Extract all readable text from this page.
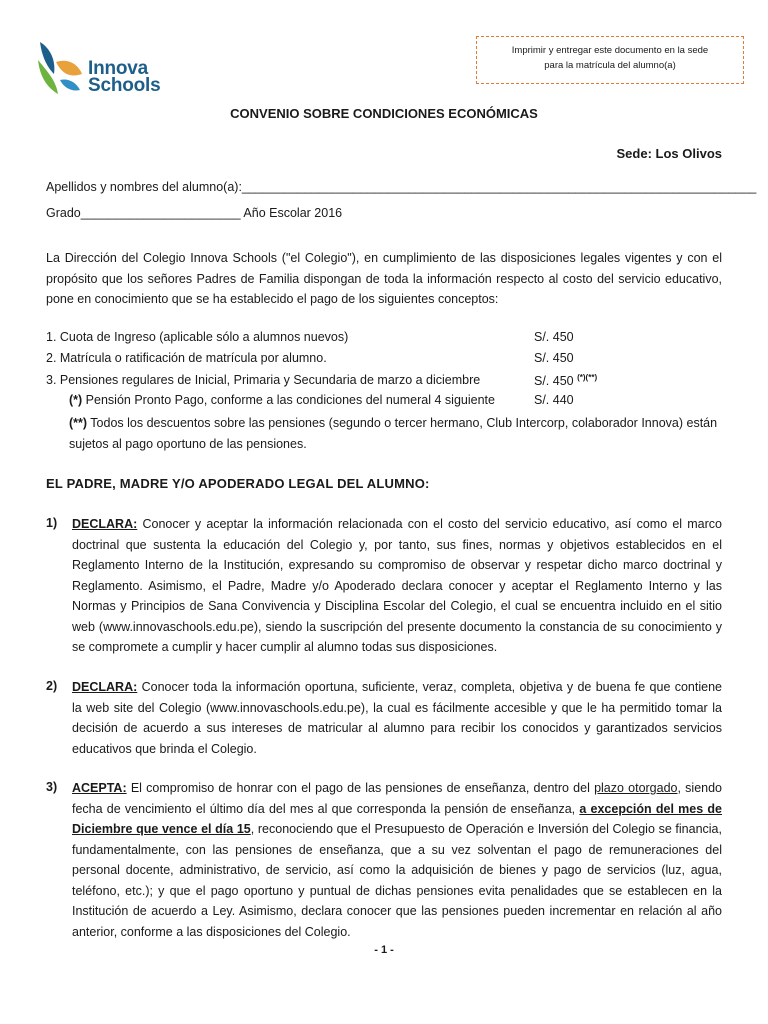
Innova
Schools
Imprimir y entregar este documento en la sede
para la matrícula del alumno(a)
CONVENIO SOBRE CONDICIONES ECONÓMICAS
Sede: Los Olivos
Apellidos y nombres del alumno(a):__________________________________________________________________________
Grado_______________________ Año Escolar 2016
La Dirección del Colegio Innova Schools ("el Colegio"), en cumplimiento de las disposiciones legales vigentes y con el propósito que los señores Padres de Familia dispongan de toda la información respecto al costo del servicio educativo, pone en conocimiento que se ha establecido el pago de los siguientes conceptos:
1. Cuota de Ingreso (aplicable sólo a alumnos nuevos)	S/. 450
2. Matrícula o ratificación de matrícula por alumno.	S/. 450
3. Pensiones regulares de Inicial, Primaria y Secundaria de marzo a diciembre	S/. 450 (*)(**)
(*) Pensión Pronto Pago, conforme a las condiciones del numeral 4 siguiente	S/. 440
(**) Todos los descuentos sobre las pensiones (segundo o tercer hermano, Club Intercorp, colaborador Innova) están sujetos al pago oportuno de las pensiones.
EL PADRE, MADRE Y/O APODERADO LEGAL DEL ALUMNO:
1) DECLARA: Conocer y aceptar la información relacionada con el costo del servicio educativo, así como el marco doctrinal que sustenta la educación del Colegio y, por tanto, sus fines, normas y objetivos establecidos en el Reglamento Interno de la Institución, expresando su compromiso de observar y respetar dicho marco doctrinal y Reglamento. Asimismo, el Padre, Madre y/o Apoderado declara conocer y aceptar el Reglamento Interno y las Normas y Principios de Sana Convivencia y Disciplina Escolar del Colegio, el cual se encuentra incluido en el sitio web (www.innovaschools.edu.pe), siendo la suscripción del presente documento la constancia de su conocimiento y se compromete a cumplir y hacer cumplir al alumno todas sus disposiciones.
2) DECLARA: Conocer toda la información oportuna, suficiente, veraz, completa, objetiva y de buena fe que contiene la web site del Colegio (www.innovaschools.edu.pe), la cual es fácilmente accesible y que le ha permitido tomar la decisión de acuerdo a sus intereses de matricular al alumno para recibir los conocidos y garantizados servicios educativos que brinda el Colegio.
3) ACEPTA: El compromiso de honrar con el pago de las pensiones de enseñanza, dentro del plazo otorgado, siendo fecha de vencimiento el último día del mes al que corresponda la pensión de enseñanza, a excepción del mes de Diciembre que vence el día 15, reconociendo que el Presupuesto de Operación e Inversión del Colegio se financia, fundamentalmente, con las pensiones de enseñanza, que a su vez solventan el pago de remuneraciones del personal docente, administrativo, de servicio, así como la adquisición de bienes y pago de servicios (luz, agua, teléfono, etc.); y que el pago oportuno y puntual de dichas pensiones evita penalidades que se establecen en la Institución de acuerdo a Ley. Asimismo, declara conocer que las pensiones pueden incrementar en relación al año anterior, conforme a las disposiciones del Colegio.
- 1 -
